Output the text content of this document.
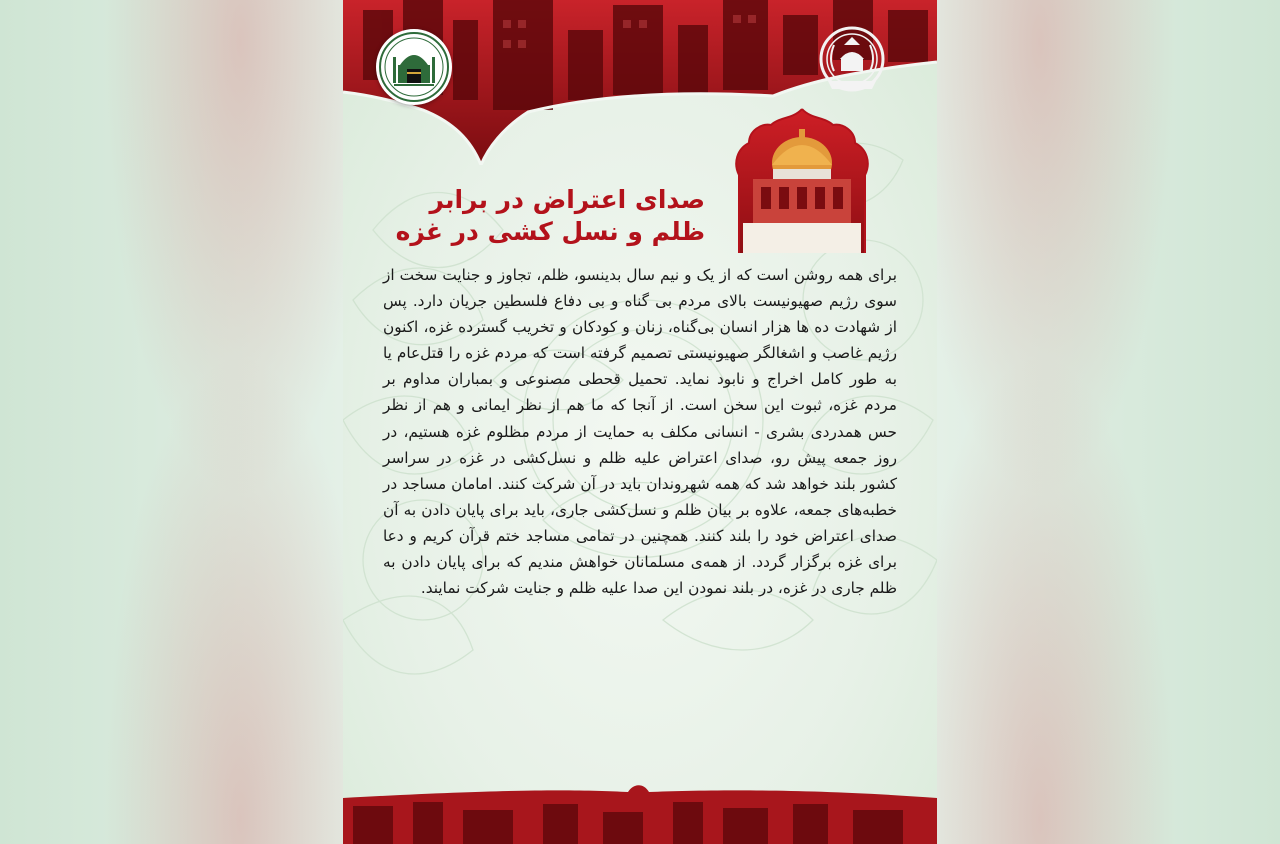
صدای اعتراض در برابر
ظلم و نسل کشی در غزه
برای همه روشن است که از یک و نیم سال بدینسو، ظلم، تجاوز و جنایت سخت از سوی رژیم صهیونیست بالای مردم بی گناه و بی دفاع فلسطین جریان دارد. پس از شهادت ده ها هزار انسان بی‌گناه، زنان و کودکان و تخریب گسترده غزه، اکنون رژیم غاصب و اشغالگر صهیونیستی تصمیم گرفته است که مردم غزه را قتل‌عام یا به طور کامل اخراج و نابود نماید. تحمیل قحطی مصنوعی و بمباران مداوم بر مردم غزه، ثبوت این سخن است. از آنجا که ما هم از نظر ایمانی و هم از نظر حس همدردی بشری - انسانی مکلف به حمایت از مردم مظلوم غزه هستیم، در روز جمعه پیش رو، صدای اعتراض علیه ظلم و نسل‌کشی در غزه در سراسر کشور بلند خواهد شد که همه شهروندان باید در آن شرکت کنند. امامان مساجد در خطبه‌های جمعه، علاوه بر بیان ظلم و نسل‌کشی جاری، باید برای پایان دادن به آن صدای اعتراض خود را بلند کنند. همچنین در تمامی مساجد ختم قرآن کریم و دعا برای غزه برگزار گردد. از همه‌ی مسلمانان خواهش مندیم که برای پایان دادن به ظلم جاری در غزه، در بلند نمودن این صدا علیه ظلم و جنایت شرکت نمایند.
